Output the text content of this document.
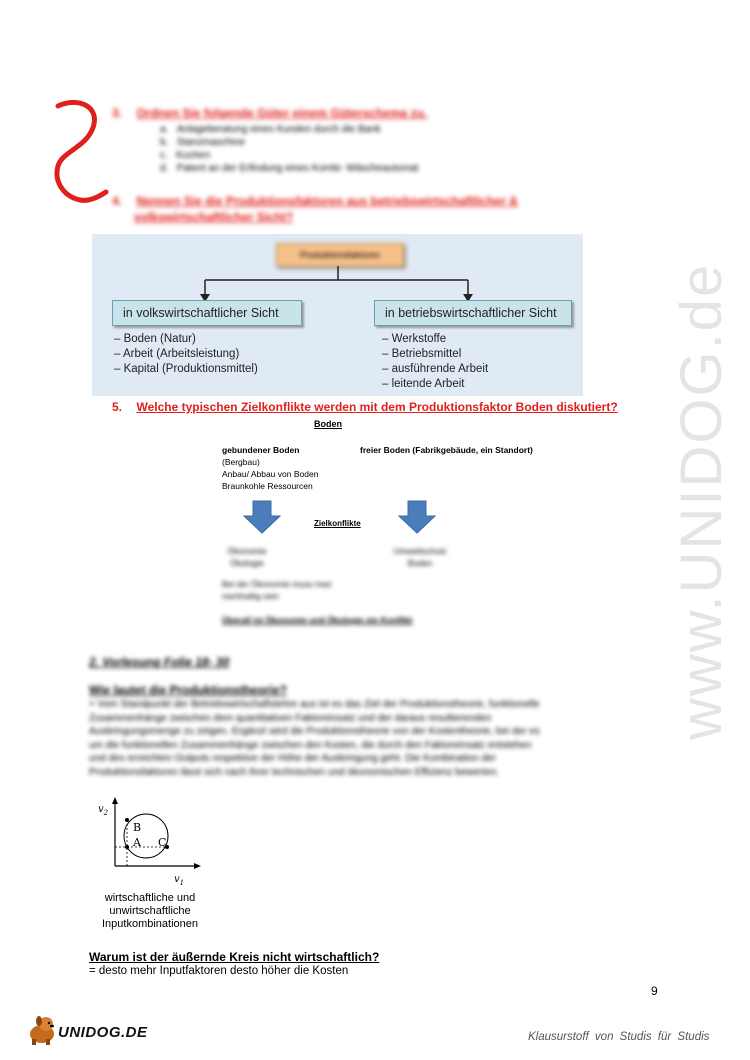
www.UNIDOG.de
3. Ordnen Sie folgende Güter einem Güterschema zu.
a. Anlageberatung eines Kunden durch die Bank
b. Stanzmaschine
c. Kuchen
d. Patent an der Erfindung eines Kombi- Wäscheautomat
4. Nennen Sie die Produktionsfaktoren aus betriebswirtschaftlicher &
volkswirtschaftlicher Sicht?
Produktionsfaktoren
in volkswirtschaftlicher Sicht	in betriebswirtschaftlicher Sicht
– Boden (Natur)
– Arbeit (Arbeitsleistung)
– Kapital (Produktionsmittel)
– Werkstoffe
– Betriebsmittel
– ausführende Arbeit
– leitende Arbeit
5. Welche typischen Zielkonflikte werden mit dem Produktionsfaktor Boden diskutiert?
Boden
gebundener Boden
(Bergbau)
Anbau/ Abbau von Boden
Braunkohle Ressourcen
freier Boden (Fabrikgebäude, ein Standort)
Zielkonflikte
Ökonomie
Ökologie
Umweltschutz
Boden
Bei der Ökonomie muss man
nachhaltig sein
Überall ist Ökonomie und Ökologie ein Konflikt
2. Vorlesung Folie 18- 30
Wie lautet die Produktionstheorie?
= Vom Standpunkt der Betriebswirtschaftslehre aus ist es das Ziel der Produktionstheorie, funktionelle
Zusammenhänge zwischen dem quantitativen Faktoreinsatz und der daraus resultierenden
Ausbringungsmenge zu zeigen. Ergänzt wird die Produktionstheorie von der Kostentheorie, bei der es
um die funktionellen Zusammenhänge zwischen den Kosten, die durch den Faktoreinsatz entstehen
und des erreichten Outputs respektive der Höhe der Ausbringung geht. Die Kombination der
Produktionsfaktoren lässt sich nach ihrer technischen und ökonomischen Effizienz bewerten.
$v_2$
$v_1$
B
A C
wirtschaftliche und
unwirtschaftliche
Inputkombinationen
Warum ist der äußernde Kreis nicht wirtschaftlich?
= desto mehr Inputfaktoren desto höher die Kosten
9
UNIDOG.DE	Klausurstoff von Studis für Studis
